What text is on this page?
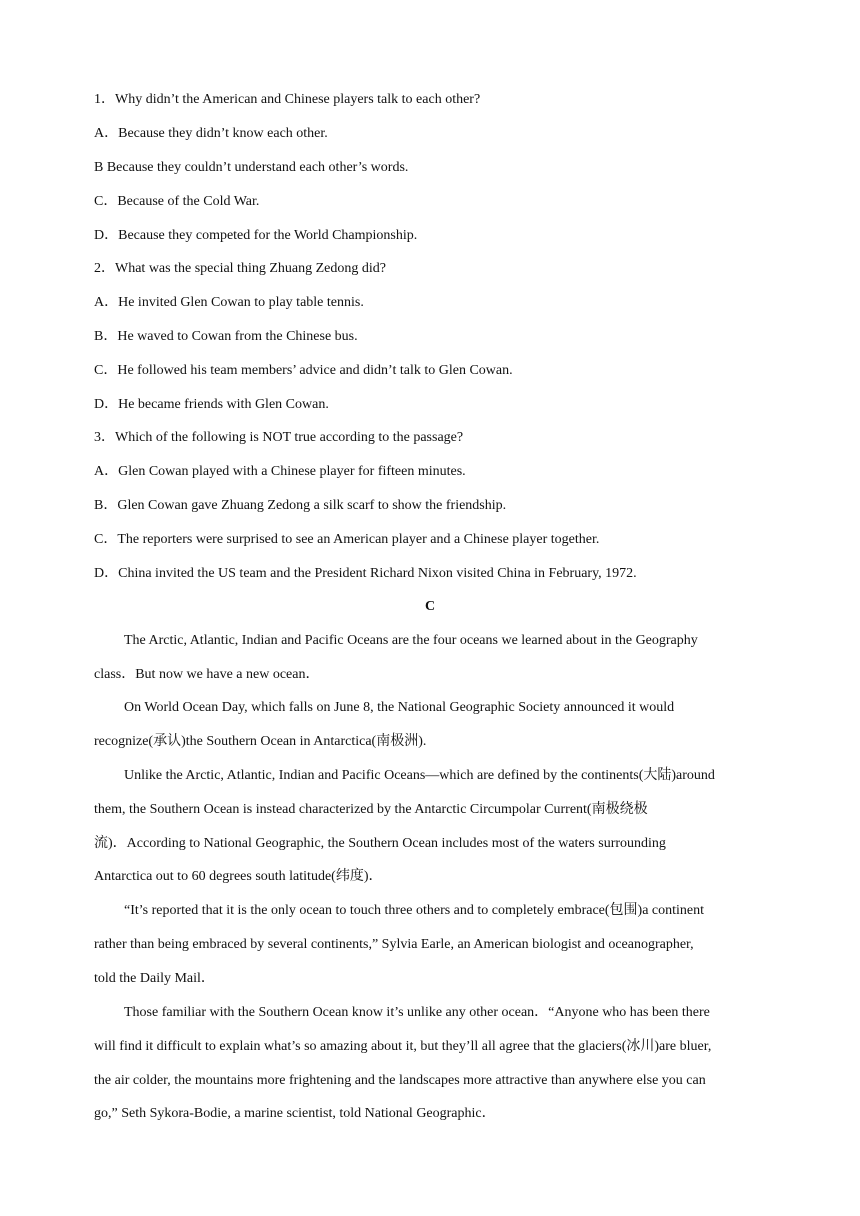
1．Why didn’t the American and Chinese players talk to each other?
A．Because they didn’t know each other.
B Because they couldn’t understand each other’s words.
C．Because of the Cold War.
D．Because they competed for the World Championship.
2．What was the special thing Zhuang Zedong did?
A．He invited Glen Cowan to play table tennis.
B．He waved to Cowan from the Chinese bus.
C．He followed his team members’ advice and didn’t talk to Glen Cowan.
D．He became friends with Glen Cowan.
3．Which of the following is NOT true according to the passage?
A．Glen Cowan played with a Chinese player for fifteen minutes.
B．Glen Cowan gave Zhuang Zedong a silk scarf to show the friendship.
C．The reporters were surprised to see an American player and a Chinese player together.
D．China invited the US team and the President Richard Nixon visited China in February, 1972.
C
The Arctic, Atlantic, Indian and Pacific Oceans are the four oceans we learned about in the Geography
class．But now we have a new ocean．
On World Ocean Day, which falls on June 8, the National Geographic Society announced it would
recognize(承认)the Southern Ocean in Antarctica(南极洲).
Unlike the Arctic, Atlantic, Indian and Pacific Oceans—which are defined by the continents(大陆)around
them, the Southern Ocean is instead characterized by the Antarctic Circumpolar Current(南极绕极
流)．According to National Geographic, the Southern Ocean includes most of the waters surrounding
Antarctica out to 60 degrees south latitude(纬度)．
“It’s reported that it is the only ocean to touch three others and to completely embrace(包围)a continent
rather than being embraced by several continents,” Sylvia Earle, an American biologist and oceanographer,
told the Daily Mail．
Those familiar with the Southern Ocean know it’s unlike any other ocean．“Anyone who has been there
will find it difficult to explain what’s so amazing about it, but they’ll all agree that the glaciers(冰川)are bluer,
the air colder, the mountains more frightening and the landscapes more attractive than anywhere else you can
go,” Seth Sykora-Bodie, a marine scientist, told National Geographic．
